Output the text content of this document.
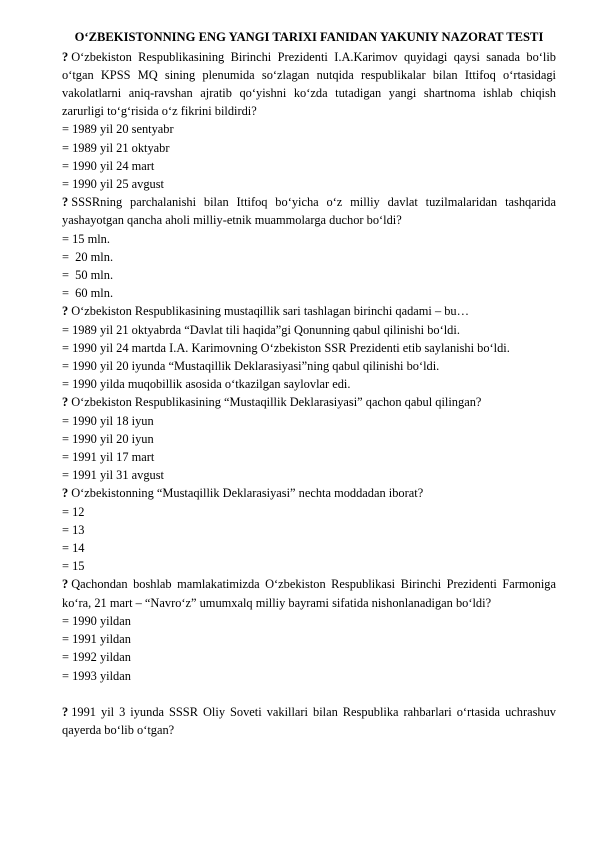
O‘ZBEKISTONNING ENG YANGI TARIXI FANIDAN YAKUNIY NAZORAT TESTI

? O‘zbekiston Respublikasining Birinchi Prezidenti I.A.Karimov quyidagi qaysi sanada bo‘lib o‘tgan KPSS MQ sining plenumida so‘zlagan nutqida respublikalar bilan Ittifoq o‘rtasidagi vakolatlarni aniq-ravshan ajratib qo‘yishni ko‘zda tutadigan yangi shartnoma ishlab chiqish zarurligi to‘g‘risida o‘z fikrini bildirdi?

= 1989 yil 20 sentyabr

= 1989 yil 21 oktyabr

= 1990 yil 24 mart

= 1990 yil 25 avgust

? SSSRning parchalanishi bilan Ittifoq bo‘yicha o‘z milliy davlat tuzilmalaridan tashqarida yashayotgan qancha aholi milliy-etnik muammolarga duchor bo‘ldi?

= 15 mln.

=  20 mln.

=  50 mln.

=  60 mln.

? O‘zbekiston Respublikasining mustaqillik sari tashlagan birinchi qadami – bu…

= 1989 yil 21 oktyabrda “Davlat tili haqida”gi Qonunning qabul qilinishi bo‘ldi.

= 1990 yil 24 martda I.A. Karimovning O‘zbekiston SSR Prezidenti etib saylanishi bo‘ldi.

= 1990 yil 20 iyunda “Mustaqillik Deklarasiyasi”ning qabul qilinishi bo‘ldi.

= 1990 yilda muqobillik asosida o‘tkazilgan saylovlar edi.

? O‘zbekiston Respublikasining “Mustaqillik Deklarasiyasi” qachon qabul qilingan?

= 1990 yil 18 iyun

= 1990 yil 20 iyun

= 1991 yil 17 mart

= 1991 yil 31 avgust

? O‘zbekistonning “Mustaqillik Deklarasiyasi” nechta moddadan iborat?

= 12

= 13

= 14

= 15

? Qachondan boshlab mamlakatimizda O‘zbekiston Respublikasi Birinchi Prezidenti Farmoniga ko‘ra, 21 mart – “Navro‘z” umumxalq milliy bayrami sifatida nishonlanadigan bo‘ldi?

= 1990 yildan

= 1991 yildan

= 1992 yildan

= 1993 yildan

? 1991 yil 3 iyunda SSSR Oliy Soveti vakillari bilan Respublika rahbarlari o‘rtasida uchrashuv qayerda bo‘lib o‘tgan?
